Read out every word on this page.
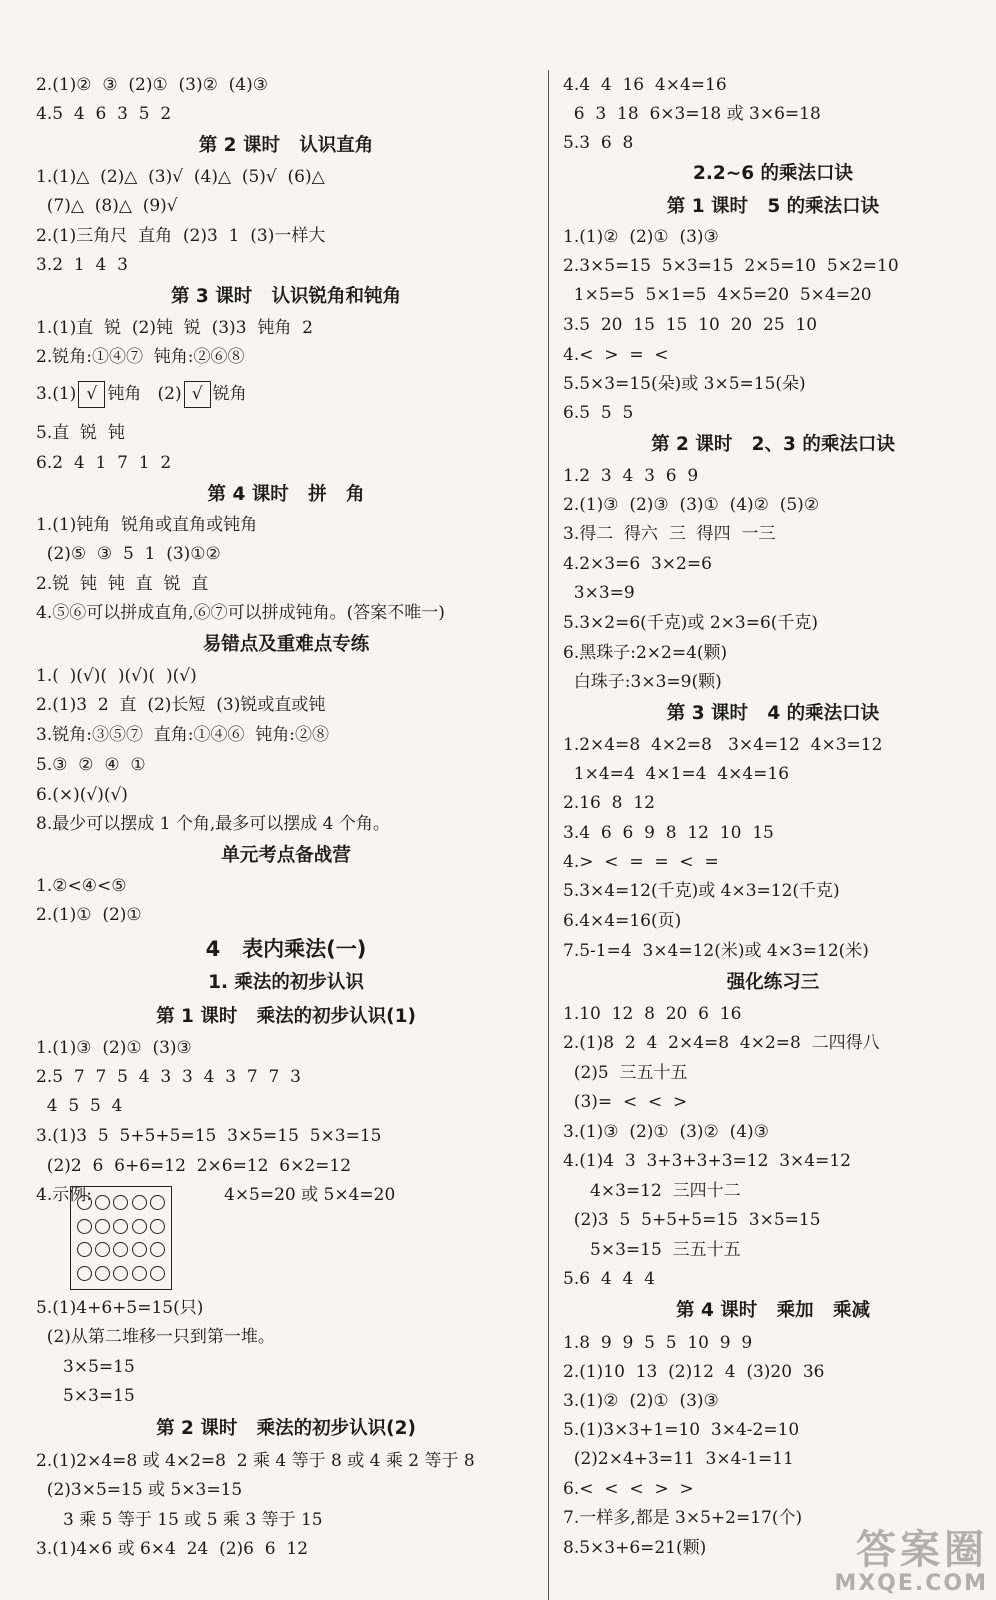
2.(1)②  ③  (2)①  (3)②  (4)③
4.5  4  6  3  5  2
第 2 课时   认识直角
1.(1)△  (2)△  (3)√  (4)△  (5)√  (6)△
(7)△  (8)△  (9)√
2.(1)三角尺  直角  (2)3  1  (3)一样大
3.2  1  4  3
第 3 课时   认识锐角和钝角
1.(1)直  锐  (2)钝  锐  (3)3  钝角  2
2.锐角:①④⑦  钝角:②⑥⑧
3.(1) √ 钝角   (2) √ 锐角
5.直  锐  钝
6.2  4  1  7  1  2
第 4 课时   拼   角
1.(1)钝角  锐角或直角或钝角
(2)⑤  ③  5  1  (3)①②
2.锐  钝  钝  直  锐  直
4.⑤⑥可以拼成直角,⑥⑦可以拼成钝角。(答案不唯一)
易错点及重难点专练
1.(  )(√)(  )(√)(  )(√)
2.(1)3  2  直  (2)长短  (3)锐或直或钝
3.锐角:③⑤⑦  直角:①④⑥  钝角:②⑧
5.③  ②  ④  ①
6.(×)(√)(√)
8.最少可以摆成 1 个角,最多可以摆成 4 个角。
单元考点备战营
1.②<④<⑤
2.(1)①  (2)①
4   表内乘法(一)
1. 乘法的初步认识
第 1 课时   乘法的初步认识(1)
1.(1)③  (2)①  (3)③
2.5  7  7  5  4  3  3  4  3  7  7  3
4  5  5  4
3.(1)3  5  5+5+5=15  3×5=15  5×3=15
(2)2  6  6+6=12  2×6=12  6×2=12
4.示例:	4×5=20 或 5×4=20
5.(1)4+6+5=15(只)
(2)从第二堆移一只到第一堆。
3×5=15
5×3=15
第 2 课时   乘法的初步认识(2)
2.(1)2×4=8 或 4×2=8  2 乘 4 等于 8 或 4 乘 2 等于 8
(2)3×5=15 或 5×3=15
3 乘 5 等于 15 或 5 乘 3 等于 15
3.(1)4×6 或 6×4  24  (2)6  6  12
4.4  4  16  4×4=16
6  3  18  6×3=18 或 3×6=18
5.3  6  8
2.2~6 的乘法口诀
第 1 课时   5 的乘法口诀
1.(1)②  (2)①  (3)③
2.3×5=15  5×3=15  2×5=10  5×2=10
1×5=5  5×1=5  4×5=20  5×4=20
3.5  20  15  15  10  20  25  10
4.<  >  =  <
5.5×3=15(朵)或 3×5=15(朵)
6.5  5  5
第 2 课时   2、3 的乘法口诀
1.2  3  4  3  6  9
2.(1)③  (2)③  (3)①  (4)②  (5)②
3.得二  得六  三  得四  一三
4.2×3=6  3×2=6
3×3=9
5.3×2=6(千克)或 2×3=6(千克)
6.黑珠子:2×2=4(颗)
白珠子:3×3=9(颗)
第 3 课时   4 的乘法口诀
1.2×4=8  4×2=8   3×4=12  4×3=12
1×4=4  4×1=4  4×4=16
2.16  8  12
3.4  6  6  9  8  12  10  15
4.>  <  =  =  <  =
5.3×4=12(千克)或 4×3=12(千克)
6.4×4=16(页)
7.5-1=4  3×4=12(米)或 4×3=12(米)
强化练习三
1.10  12  8  20  6  16
2.(1)8  2  4  2×4=8  4×2=8  二四得八
(2)5  三五十五
(3)=  <  <  >
3.(1)③  (2)①  (3)②  (4)③
4.(1)4  3  3+3+3+3=12  3×4=12
4×3=12  三四十二
(2)3  5  5+5+5=15  3×5=15
5×3=15  三五十五
5.6  4  4  4
第 4 课时   乘加   乘减
1.8  9  9  5  5  10  9  9
2.(1)10  13  (2)12  4  (3)20  36
3.(1)②  (2)①  (3)③
5.(1)3×3+1=10  3×4-2=10
(2)2×4+3=11  3×4-1=11
6.<  <  <  >  >
7.一样多,都是 3×5+2=17(个)
8.5×3+6=21(颗)	答案圈
MXQE.COM
